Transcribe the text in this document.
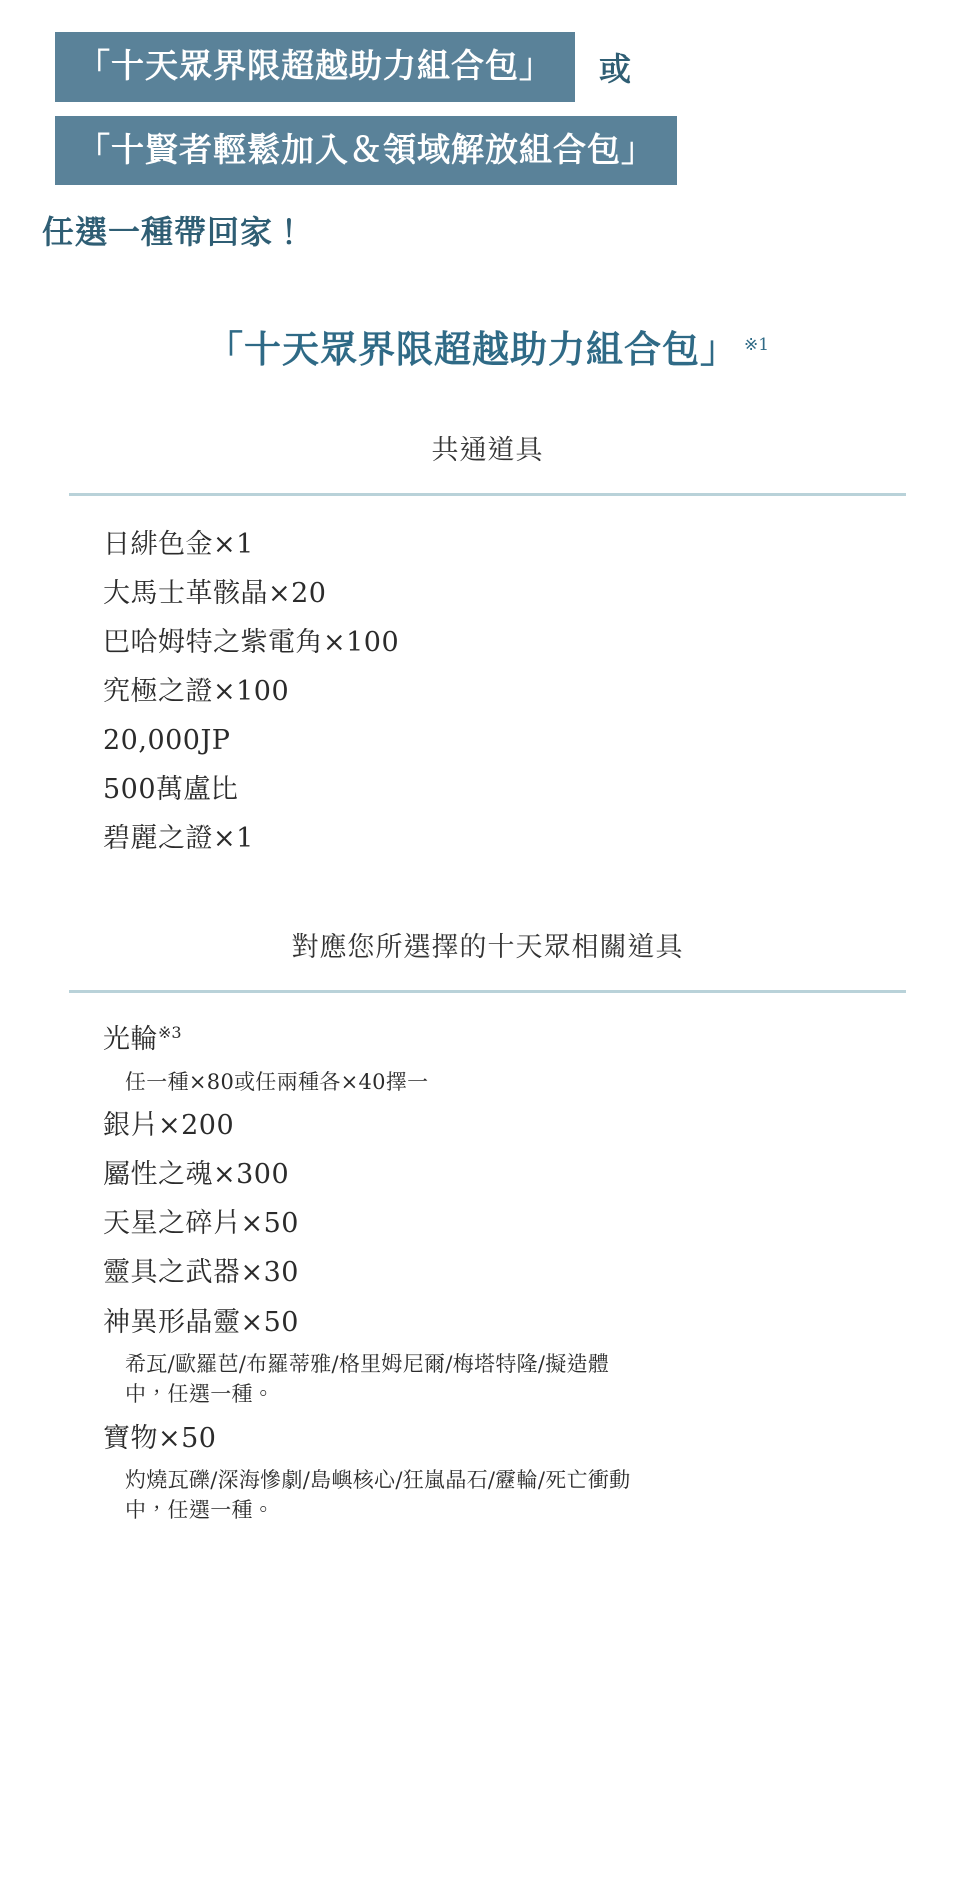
「十天眾界限超越助力組合包」	或
「十賢者輕鬆加入＆領域解放組合包」
任選一種帶回家！
「十天眾界限超越助力組合包」 ※1
共通道具
日緋色金×1
大馬士革骸晶×20
巴哈姆特之紫電角×100
究極之證×100
20,000JP
500萬盧比
碧麗之證×1
對應您所選擇的十天眾相關道具
光輪$^{※3}$
任一種×80或任兩種各×40擇一
銀片×200
屬性之魂×300
天星之碎片×50
靈具之武器×30
神異形晶靈×50
希瓦/歐羅芭/布羅蒂雅/格里姆尼爾/梅塔特隆/擬造體
中，任選一種。
寶物×50
灼燒瓦礫/深海慘劇/島嶼核心/狂嵐晶石/靂輪/死亡衝動
中，任選一種。
